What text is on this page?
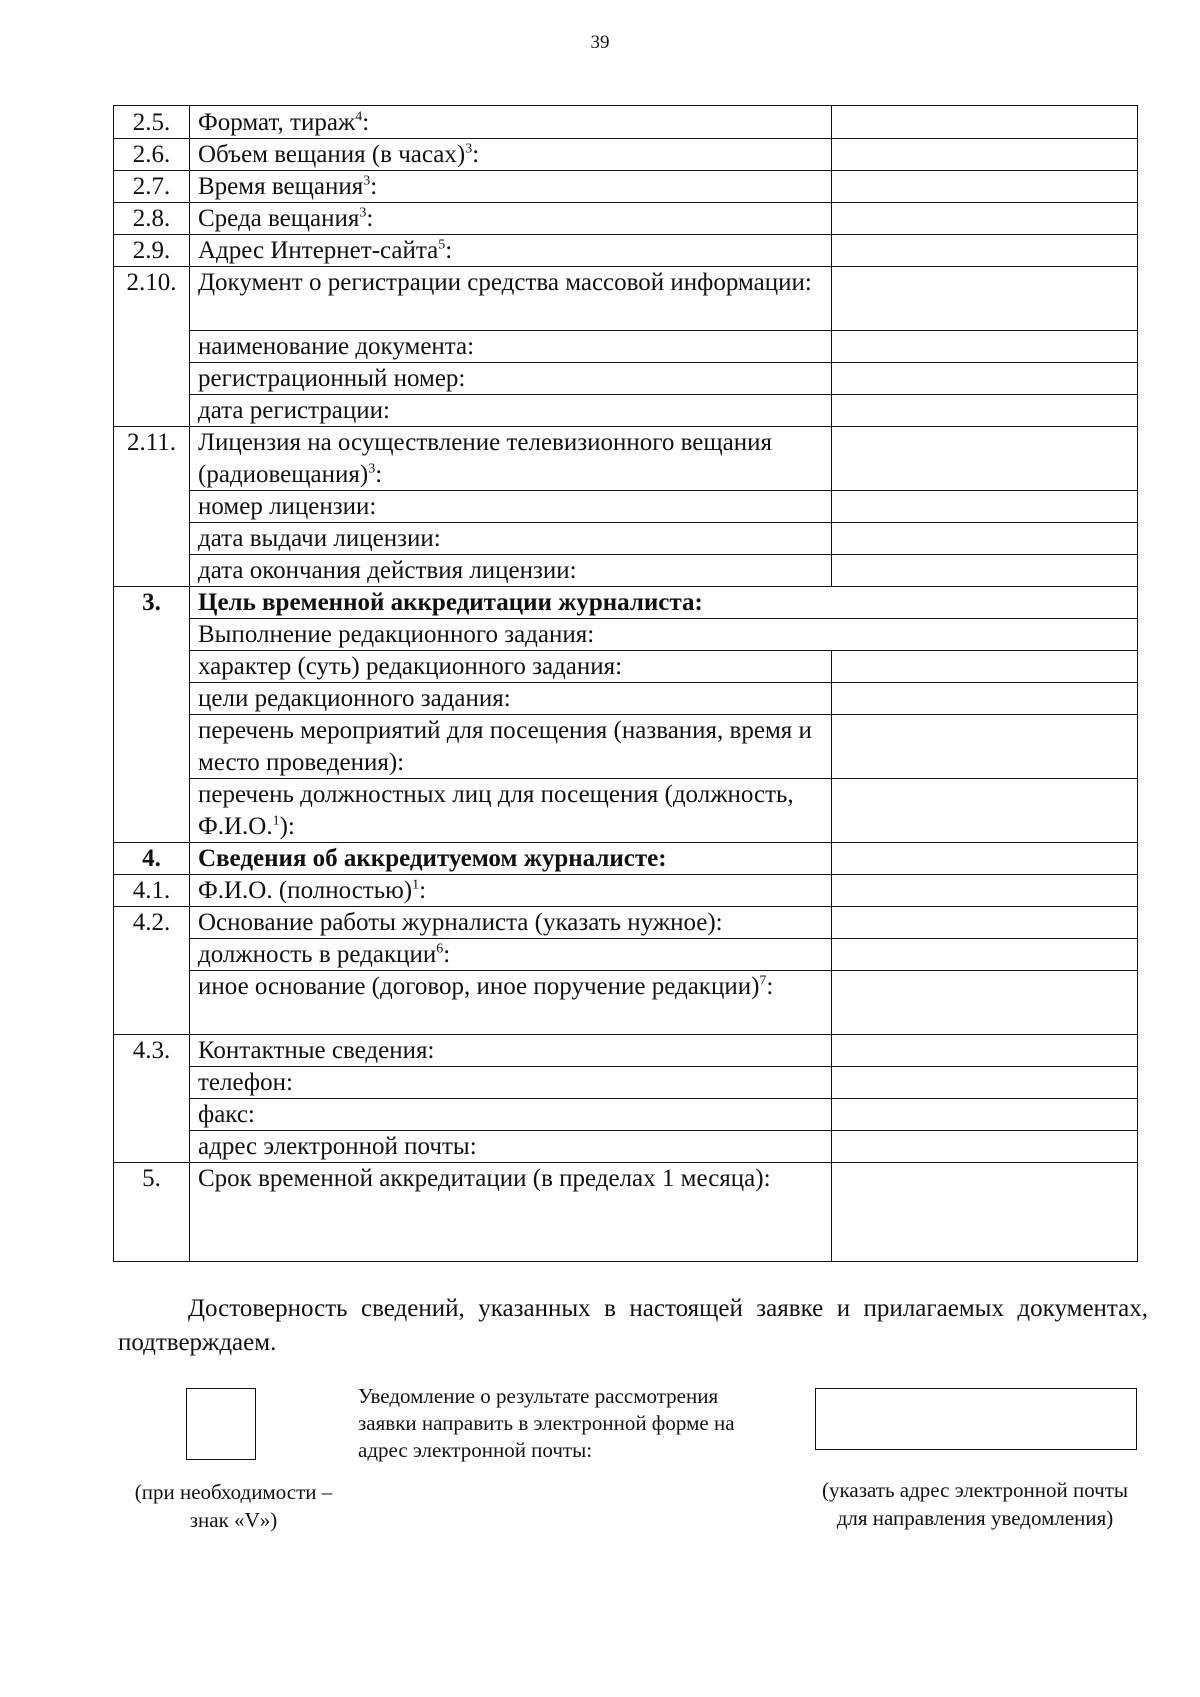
39
2.5.	Формат, тираж$^4$:
2.6.	Объем вещания (в часах)$^3$:
2.7.	Время вещания$^3$:
2.8.	Среда вещания$^3$:
2.9.	Адрес Интернет-сайта$^5$:
2.10. Документ о регистрации средства массовой информации:
наименование документа:
регистрационный номер:
дата регистрации:
2.11. Лицензия на осуществление телевизионного вещания (радиовещания)$^3$:
номер лицензии:
дата выдачи лицензии:
дата окончания действия лицензии:
3.	Цель временной аккредитации журналиста:
Выполнение редакционного задания:
характер (суть) редакционного задания:
цели редакционного задания:
перечень мероприятий для посещения (названия, время и место проведения):
перечень должностных лиц для посещения (должность, Ф.И.О.$^1$):
4.	Сведения об аккредитуемом журналисте:
4.1.	Ф.И.О. (полностью)$^1$:
4.2.	Основание работы журналиста (указать нужное):
должность в редакции$^6$:
иное основание (договор, иное поручение редакции)$^7$:
4.3.	Контактные сведения:
телефон:
факс:
адрес электронной почты:
5.	Срок временной аккредитации (в пределах 1 месяца):
Достоверность сведений, указанных в настоящей заявке и прилагаемых документах, подтверждаем.
Уведомление о результате рассмотрения заявки направить в электронной форме на адрес электронной почты:
(при необходимости – знак «V»)
(указать адрес электронной почты для направления уведомления)
